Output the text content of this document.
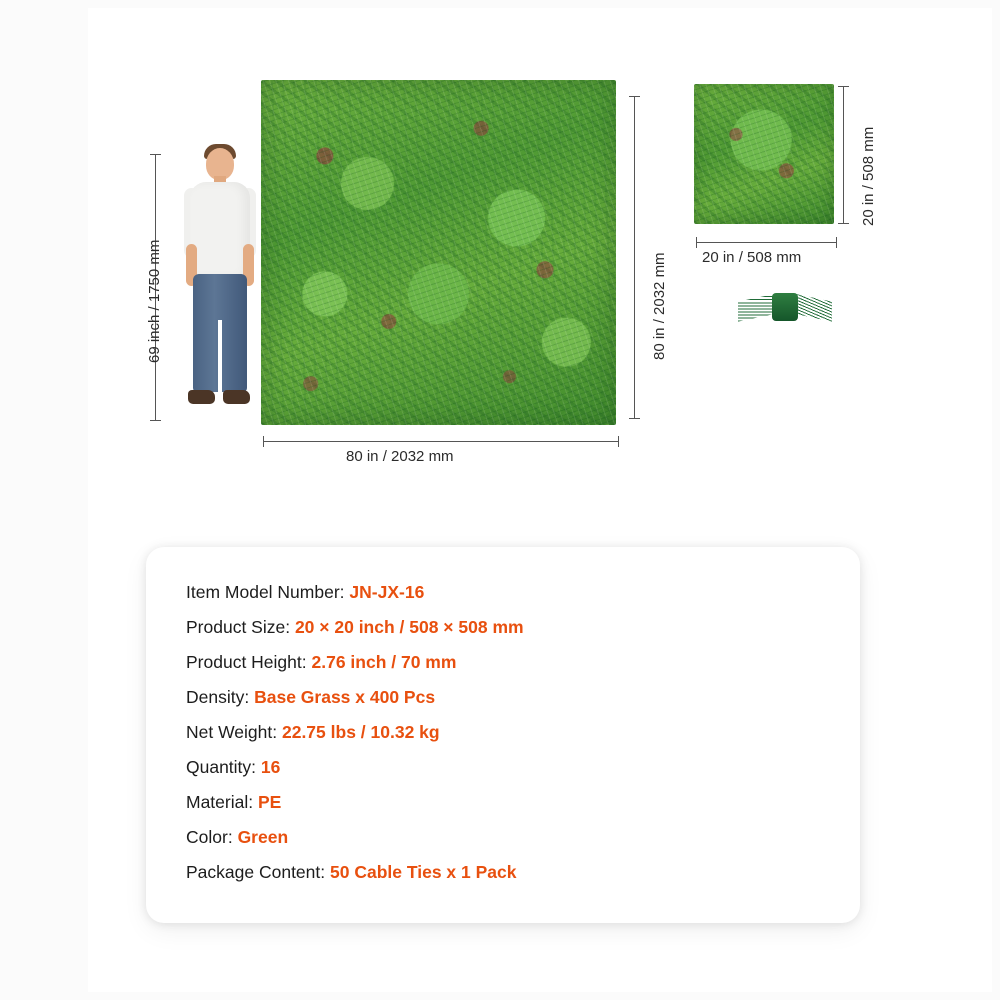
69 inch / 1750 mm	80 in / 2032 mm
80 in / 2032 mm
20 in / 508 mm
20 in / 508 mm
Item Model Number: JN-JX-16
Product Size: 20 × 20 inch / 508 × 508 mm
Product Height: 2.76 inch / 70 mm
Density: Base Grass x 400 Pcs
Net Weight: 22.75 lbs / 10.32 kg
Quantity: 16
Material: PE
Color: Green
Package Content: 50 Cable Ties x 1 Pack
